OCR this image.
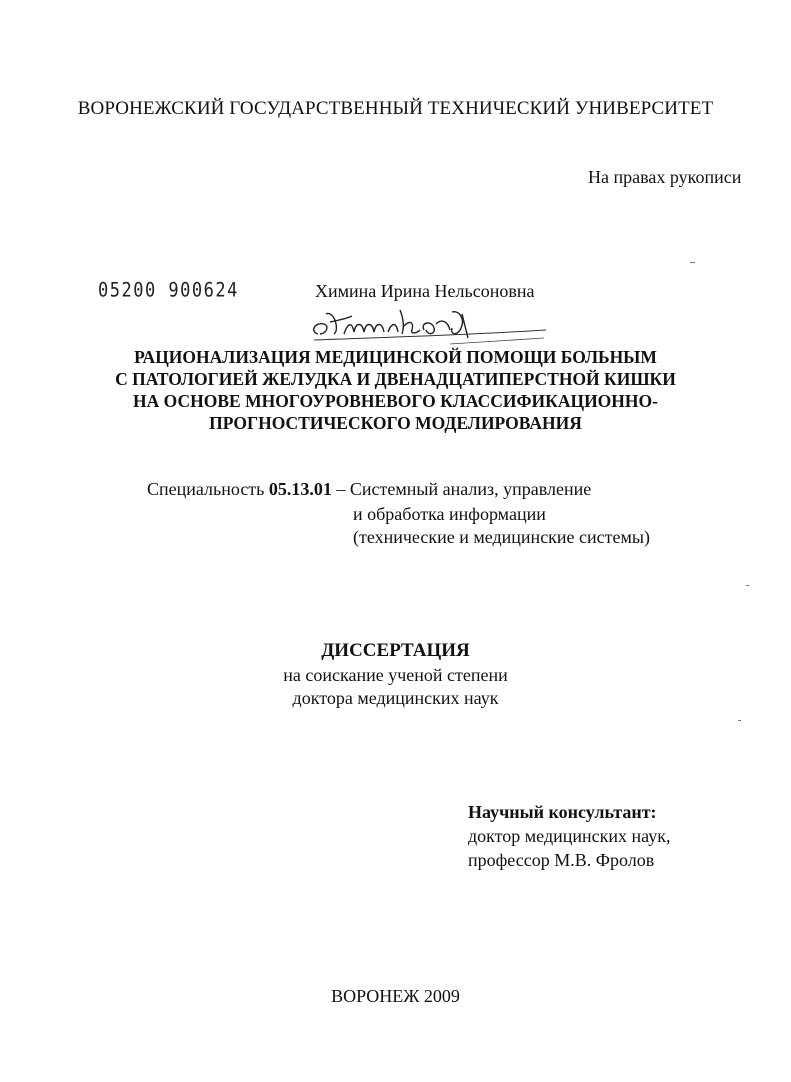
ВОРОНЕЖСКИЙ ГОСУДАРСТВЕННЫЙ ТЕХНИЧЕСКИЙ УНИВЕРСИТЕТ
На правах рукописи
05200 900624	Химина Ирина Нельсоновна
РАЦИОНАЛИЗАЦИЯ МЕДИЦИНСКОЙ ПОМОЩИ БОЛЬНЫМ
С ПАТОЛОГИЕЙ ЖЕЛУДКА И ДВЕНАДЦАТИПЕРСТНОЙ КИШКИ
НА ОСНОВЕ МНОГОУРОВНЕВОГО КЛАССИФИКАЦИОННО-
ПРОГНОСТИЧЕСКОГО МОДЕЛИРОВАНИЯ
Специальность 05.13.01 – Системный анализ, управление
и обработка информации
(технические и медицинские системы)
ДИССЕРТАЦИЯ
на соискание ученой степени
доктора медицинских наук
Научный консультант:
доктор медицинских наук,
профессор М.В. Фролов
ВОРОНЕЖ 2009
